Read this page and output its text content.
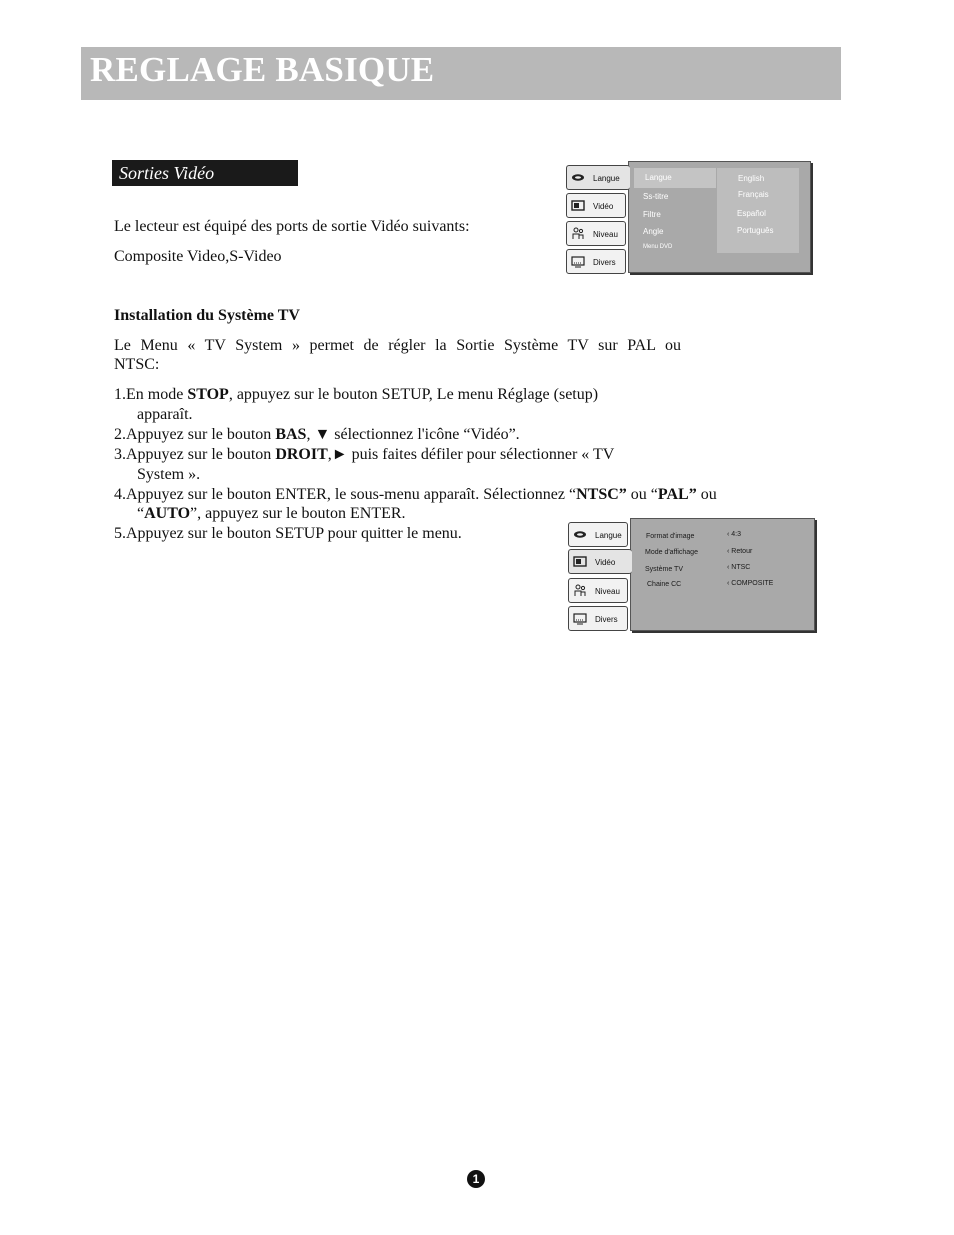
REGLAGE BASIQUE
Sorties Vidéo
Le lecteur est équipé des ports de sortie Vidéo suivants:
Composite Video,S-Video
Installation du Système TV
Le Menu « TV System » permet de régler la Sortie Système TV sur PAL ou
NTSC:
1.En mode STOP, appuyez sur le bouton SETUP, Le menu Réglage (setup)
apparaît.
2.Appuyez sur le bouton BAS, ▼ sélectionnez l'icône “Vidéo”.
3.Appuyez sur le bouton DROIT,► puis faites défiler pour sélectionner « TV
System ».
4.Appuyez sur le bouton ENTER, le sous-menu apparaît. Sélectionnez “NTSC” ou “PAL” ou
“AUTO”, appuyez sur le bouton ENTER.
5.Appuyez sur le bouton SETUP pour quitter le menu.
Langue
Ss-titre
Filtre
Angle
Menu DVD
English
Français
Español
Português
Langue
Vidéo
Niveau
Divers
Format d'image	‹ 4:3
Mode d'affichage	‹ Retour
Système TV	‹ NTSC
Chaine CC	‹ COMPOSITE
Langue
Vidéo
Niveau
Divers
1
